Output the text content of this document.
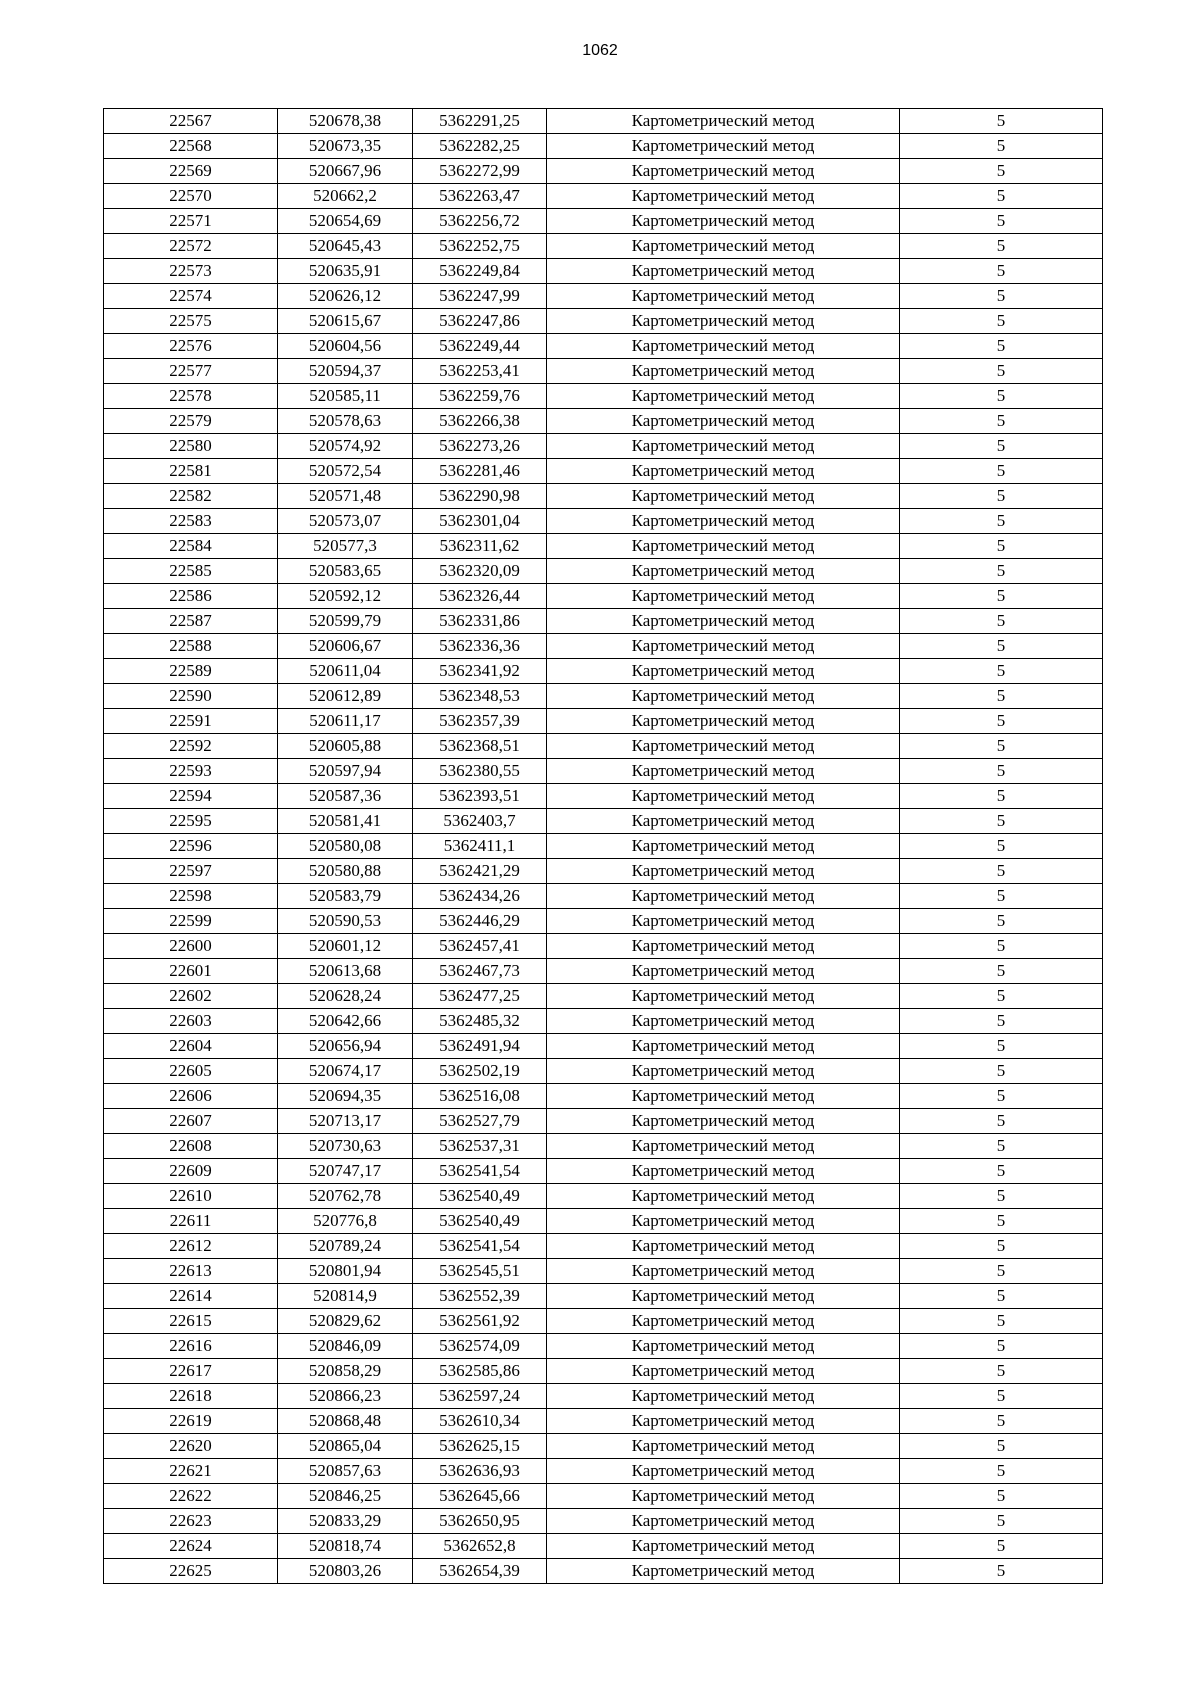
1062
22567	520678,38	5362291,25	Картометрический метод	5
22568	520673,35	5362282,25	Картометрический метод	5
22569	520667,96	5362272,99	Картометрический метод	5
22570	520662,2	5362263,47	Картометрический метод	5
22571	520654,69	5362256,72	Картометрический метод	5
22572	520645,43	5362252,75	Картометрический метод	5
22573	520635,91	5362249,84	Картометрический метод	5
22574	520626,12	5362247,99	Картометрический метод	5
22575	520615,67	5362247,86	Картометрический метод	5
22576	520604,56	5362249,44	Картометрический метод	5
22577	520594,37	5362253,41	Картометрический метод	5
22578	520585,11	5362259,76	Картометрический метод	5
22579	520578,63	5362266,38	Картометрический метод	5
22580	520574,92	5362273,26	Картометрический метод	5
22581	520572,54	5362281,46	Картометрический метод	5
22582	520571,48	5362290,98	Картометрический метод	5
22583	520573,07	5362301,04	Картометрический метод	5
22584	520577,3	5362311,62	Картометрический метод	5
22585	520583,65	5362320,09	Картометрический метод	5
22586	520592,12	5362326,44	Картометрический метод	5
22587	520599,79	5362331,86	Картометрический метод	5
22588	520606,67	5362336,36	Картометрический метод	5
22589	520611,04	5362341,92	Картометрический метод	5
22590	520612,89	5362348,53	Картометрический метод	5
22591	520611,17	5362357,39	Картометрический метод	5
22592	520605,88	5362368,51	Картометрический метод	5
22593	520597,94	5362380,55	Картометрический метод	5
22594	520587,36	5362393,51	Картометрический метод	5
22595	520581,41	5362403,7	Картометрический метод	5
22596	520580,08	5362411,1	Картометрический метод	5
22597	520580,88	5362421,29	Картометрический метод	5
22598	520583,79	5362434,26	Картометрический метод	5
22599	520590,53	5362446,29	Картометрический метод	5
22600	520601,12	5362457,41	Картометрический метод	5
22601	520613,68	5362467,73	Картометрический метод	5
22602	520628,24	5362477,25	Картометрический метод	5
22603	520642,66	5362485,32	Картометрический метод	5
22604	520656,94	5362491,94	Картометрический метод	5
22605	520674,17	5362502,19	Картометрический метод	5
22606	520694,35	5362516,08	Картометрический метод	5
22607	520713,17	5362527,79	Картометрический метод	5
22608	520730,63	5362537,31	Картометрический метод	5
22609	520747,17	5362541,54	Картометрический метод	5
22610	520762,78	5362540,49	Картометрический метод	5
22611	520776,8	5362540,49	Картометрический метод	5
22612	520789,24	5362541,54	Картометрический метод	5
22613	520801,94	5362545,51	Картометрический метод	5
22614	520814,9	5362552,39	Картометрический метод	5
22615	520829,62	5362561,92	Картометрический метод	5
22616	520846,09	5362574,09	Картометрический метод	5
22617	520858,29	5362585,86	Картометрический метод	5
22618	520866,23	5362597,24	Картометрический метод	5
22619	520868,48	5362610,34	Картометрический метод	5
22620	520865,04	5362625,15	Картометрический метод	5
22621	520857,63	5362636,93	Картометрический метод	5
22622	520846,25	5362645,66	Картометрический метод	5
22623	520833,29	5362650,95	Картометрический метод	5
22624	520818,74	5362652,8	Картометрический метод	5
22625	520803,26	5362654,39	Картометрический метод	5
